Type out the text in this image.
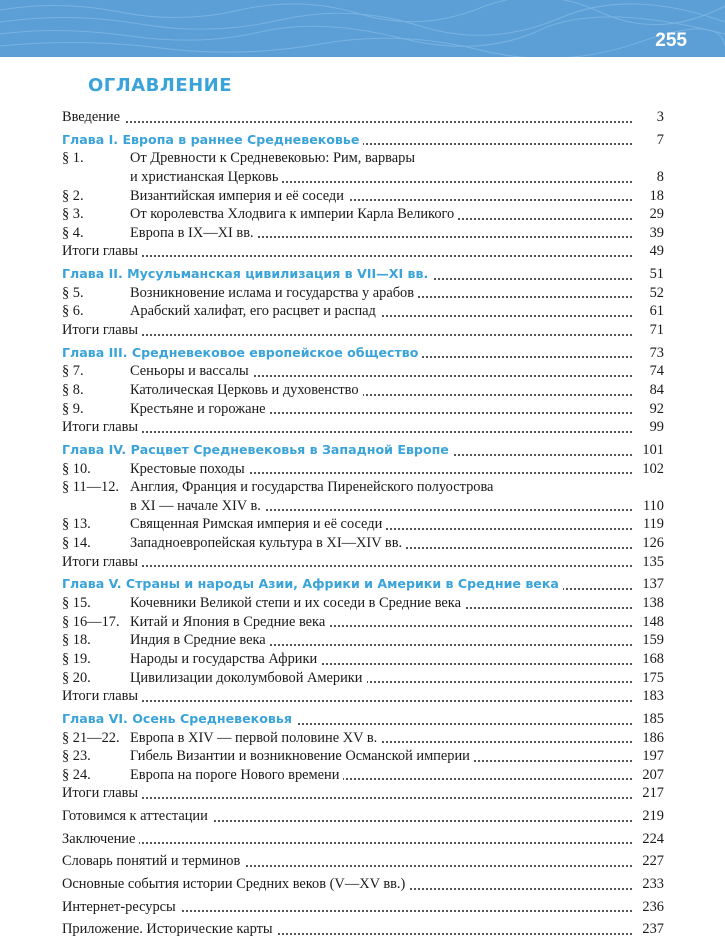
255
ОГЛАВЛЕНИЕ
Введение	3
Глава I. Европа в раннее Средневековье	7
§ 1.	От Древности к Средневековью: Рим, варвары
и христианская Церковь	8
§ 2.	Византийская империя и её соседи	18
§ 3.	От королевства Хлодвига к империи Карла Великого	29
§ 4.	Европа в IX—XI вв.	39
Итоги главы	49
Глава II. Мусульманская цивилизация в VII—XI вв.	51
§ 5.	Возникновение ислама и государства у арабов	52
§ 6.	Арабский халифат, его расцвет и распад	61
Итоги главы	71
Глава III. Средневековое европейское общество	73
§ 7.	Сеньоры и вассалы	74
§ 8.	Католическая Церковь и духовенство	84
§ 9.	Крестьяне и горожане	92
Итоги главы	99
Глава IV. Расцвет Средневековья в Западной Европе	101
§ 10.	Крестовые походы	102
§ 11—12. Англия, Франция и государства Пиренейского полуострова
в XI — начале XIV в.	110
§ 13.	Священная Римская империя и её соседи	119
§ 14.	Западноевропейская культура в XI—XIV вв.	126
Итоги главы	135
Глава V. Страны и народы Азии, Африки и Америки в Средние века	137
§ 15.	Кочевники Великой степи и их соседи в Средние века	138
§ 16—17. Китай и Япония в Средние века	148
§ 18.	Индия в Средние века	159
§ 19.	Народы и государства Африки	168
§ 20.	Цивилизации доколумбовой Америки	175
Итоги главы	183
Глава VI. Осень Средневековья	185
§ 21—22. Европа в XIV — первой половине XV в.	186
§ 23.	Гибель Византии и возникновение Османской империи	197
§ 24.	Европа на пороге Нового времени	207
Итоги главы	217
Готовимся к аттестации	219
Заключение	224
Словарь понятий и терминов	227
Основные события истории Средних веков (V—XV вв.)	233
Интернет-ресурсы	236
Приложение. Исторические карты	237
